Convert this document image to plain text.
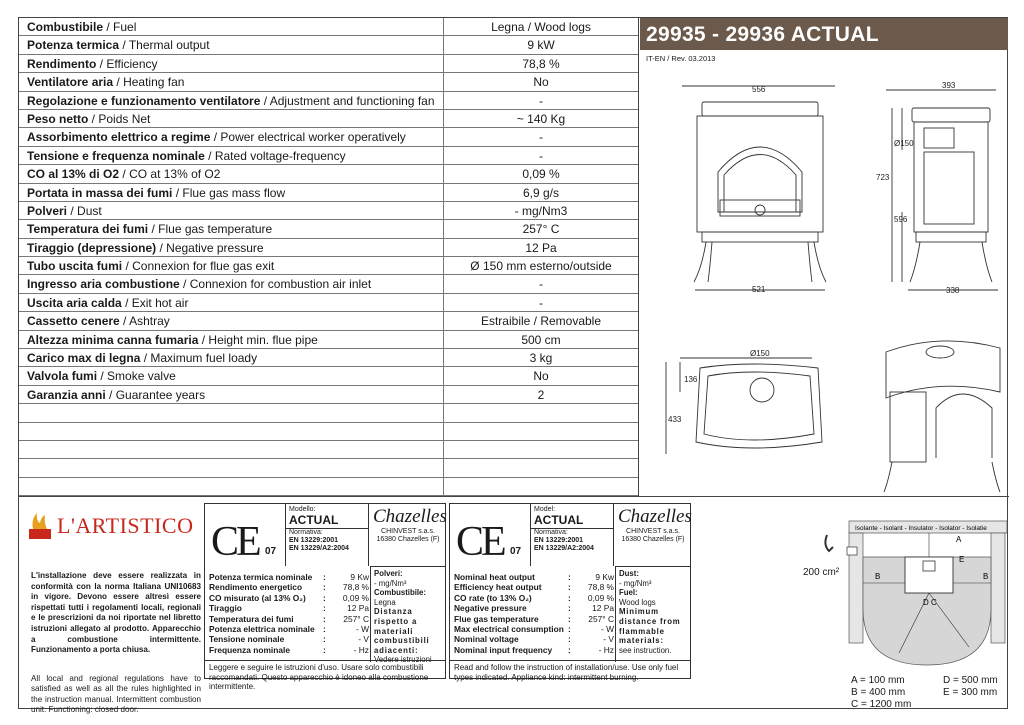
Combustibile / Fuel	Legna / Wood logs
Potenza termica / Thermal output	9 kW
Rendimento / Efficiency	78,8 %
Ventilatore aria / Heating fan	No
Regolazione e funzionamento ventilatore / Adjustment and functioning fan	-
Peso netto / Poids Net	~ 140 Kg
Assorbimento elettrico a regime / Power electrical worker operatively	-
Tensione e frequenza nominale / Rated voltage-frequency	-
CO al 13% di O2 / CO at 13% of O2	0,09 %
Portata in massa dei fumi / Flue gas mass flow	6,9 g/s
Polveri / Dust	- mg/Nm3
Temperatura dei fumi / Flue gas temperature	257° C
Tiraggio (depressione) / Negative pressure	12 Pa
Tubo uscita fumi / Connexion for flue gas exit	Ø 150 mm esterno/outside
Ingresso aria combustione / Connexion for combustion air inlet	-
Uscita aria calda / Exit hot air	-
Cassetto cenere / Ashtray	Estraibile / Removable
Altezza minima canna fumaria / Height min. flue pipe	500 cm
Carico max di legna / Maximum fuel loady	3 kg
Valvola fumi / Smoke valve	No
Garanzia anni / Guarantee years	2
29935 - 29936 ACTUAL
IT-EN / Rev. 03.2013
556
521
393
338
723
596
Ø150
Ø150
136
433
L'ARTISTICO
L'installazione deve essere realizzata in conformità con la norma Italiana UNI10683 in vigore. Devono essere altresì essere rispettati tutti i regolamenti locali, regionali e le prescrizioni da noi riportate nel libretto istruzioni allegato al prodotto. Apparecchio a combustione intermittente. Funzionamento a porta chiusa.
All local and regional regulations have to satisfied as well as all the rules highlighted in the instruction manual. Intermittent combustion unit. Functioning: closed door.
CE 07
Modello:
ACTUAL
Normativa:
EN 13229:2001
EN 13229/A2:2004
Chazelles
CHINVEST s.a.s.
16380 Chazelles (F)
Potenza termica nominale	:	9 Kw
Rendimento energetico	:	78,8 %
CO misurato (al 13% O₂)	:	0,09 %
Tiraggio	:	12 Pa
Temperatura dei fumi	:	257° C
Potenza elettrica nominale :	- W
Tensione nominale	:	- V
Frequenza nominale	:	- Hz
Polveri:
- mg/Nm³
Combustibile:
Legna
Distanza rispetto a materiali combustibili adiacenti:
Vedere istruzioni
Leggere e seguire le istruzioni d'uso. Usare solo combustibili raccomandati. Questo apparecchio è idoneo alla combustione intermittente.
CE 07
Model:
ACTUAL
Normativa:
EN 13229:2001
EN 13229/A2:2004
Chazelles
CHINVEST s.a.s.
16380 Chazelles (F)
Nominal heat output	:	9 Kw
Efficiency heat output	:	78,8 %
CO rate (to 13% O₂)	:	0,09 %
Negative pressure	:	12 Pa
Flue gas temperature	:	257° C
Max electrical consumption :	- W
Nominal voltage	:	- V
Nominal input frequency	:	- Hz
Dust:
- mg/Nm³
Fuel:
Wood logs
Minimum distance from flammable materials:
see instruction.
Read and follow the instruction of installation/use. Use only fuel types indicated. Appliance kind: intermittent burning.
Isolante - Isolant - Insulator - Isolator - Isolatie
A
B	B
E
D C
200 cm²
A = 100 mm
B = 400 mm
C = 1200 mm
D = 500 mm
E = 300 mm
